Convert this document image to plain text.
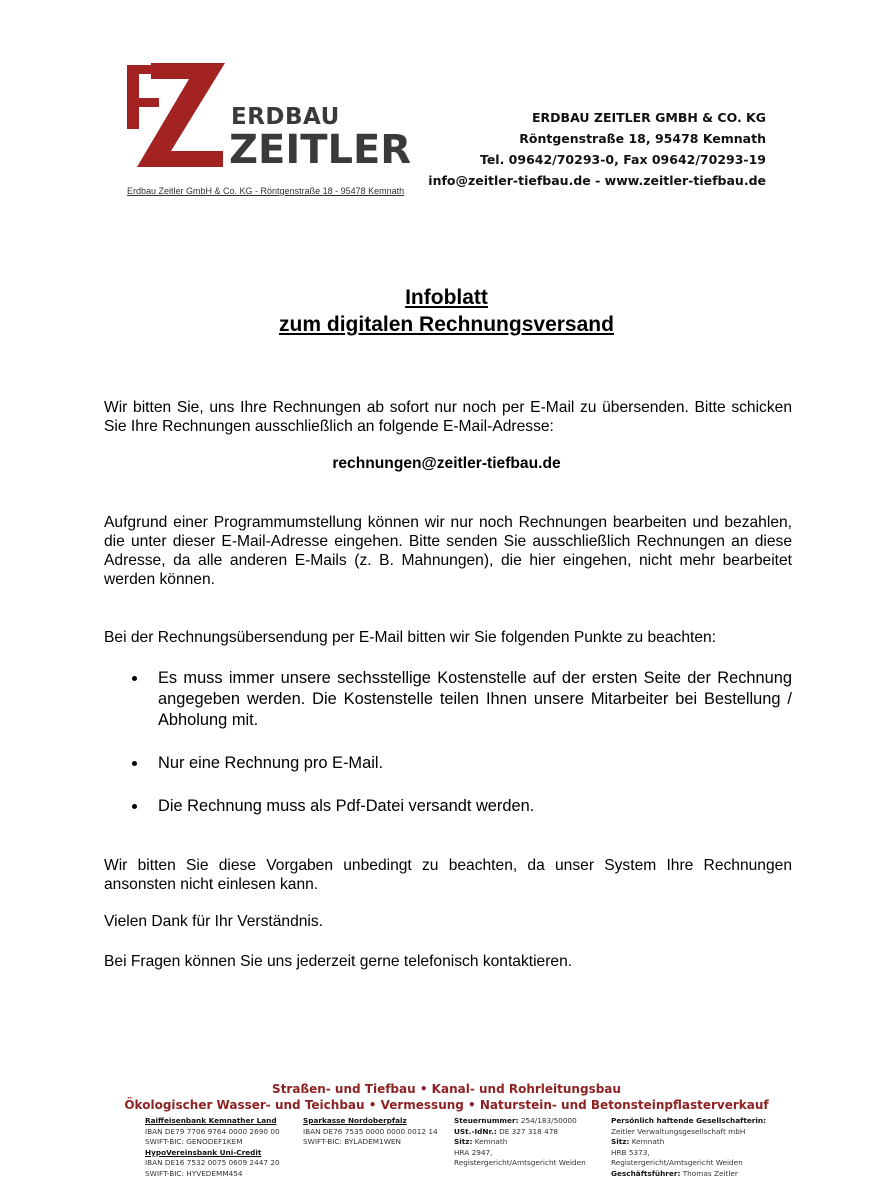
ERDBAU
ZEITLER
Erdbau Zeitler GmbH & Co. KG - Röntgenstraße 18 - 95478 Kemnath
ERDBAU ZEITLER GMBH & CO. KG
Röntgenstraße 18, 95478 Kemnath
Tel. 09642/70293-0, Fax 09642/70293-19
info@zeitler-tiefbau.de - www.zeitler-tiefbau.de
Infoblatt
zum digitalen Rechnungsversand
Wir bitten Sie, uns Ihre Rechnungen ab sofort nur noch per E-Mail zu übersenden. Bitte schicken Sie Ihre Rechnungen ausschließlich an folgende E-Mail-Adresse:
rechnungen@zeitler-tiefbau.de
Aufgrund einer Programmumstellung können wir nur noch Rechnungen bearbeiten und bezahlen, die unter dieser E-Mail-Adresse eingehen. Bitte senden Sie ausschließlich Rechnungen an diese Adresse, da alle anderen E-Mails (z. B. Mahnungen), die hier eingehen, nicht mehr bearbeitet werden können.
Bei der Rechnungsübersendung per E-Mail bitten wir Sie folgenden Punkte zu beachten:
Es muss immer unsere sechsstellige Kostenstelle auf der ersten Seite der Rechnung angegeben werden. Die Kostenstelle teilen Ihnen unsere Mitarbeiter bei Bestellung / Abholung mit.
Nur eine Rechnung pro E-Mail.
Die Rechnung muss als Pdf-Datei versandt werden.
Wir bitten Sie diese Vorgaben unbedingt zu beachten, da unser System Ihre Rechnungen ansonsten nicht einlesen kann.
Vielen Dank für Ihr Verständnis.
Bei Fragen können Sie uns jederzeit gerne telefonisch kontaktieren.
Straßen- und Tiefbau • Kanal- und Rohrleitungsbau
Ökologischer Wasser- und Teichbau • Vermessung • Naturstein- und Betonsteinpflasterverkauf
Raiffeisenbank Kemnather Land
IBAN DE79 7706 9764 0000 2690 00
SWIFT-BIC: GENODEF1KEM
HypoVereinsbank Uni-Credit
IBAN DE16 7532 0075 0609 2447 20
SWIFT-BIC: HYVEDEMM454
Sparkasse Nordoberpfalz
IBAN DE76 7535 0000 0000 0012 14
SWIFT-BIC: BYLADEM1WEN
Steuernummer: 254/183/50000
USt.-IdNr.: DE 327 318 478
Sitz: Kemnath
HRA 2947,
Registergericht/Amtsgericht Weiden
Persönlich haftende Gesellschafterin:
Zeitler Verwaltungsgesellschaft mbH
Sitz: Kemnath
HRB 5373,
Registergericht/Amtsgericht Weiden
Geschäftsführer: Thomas Zeitler
